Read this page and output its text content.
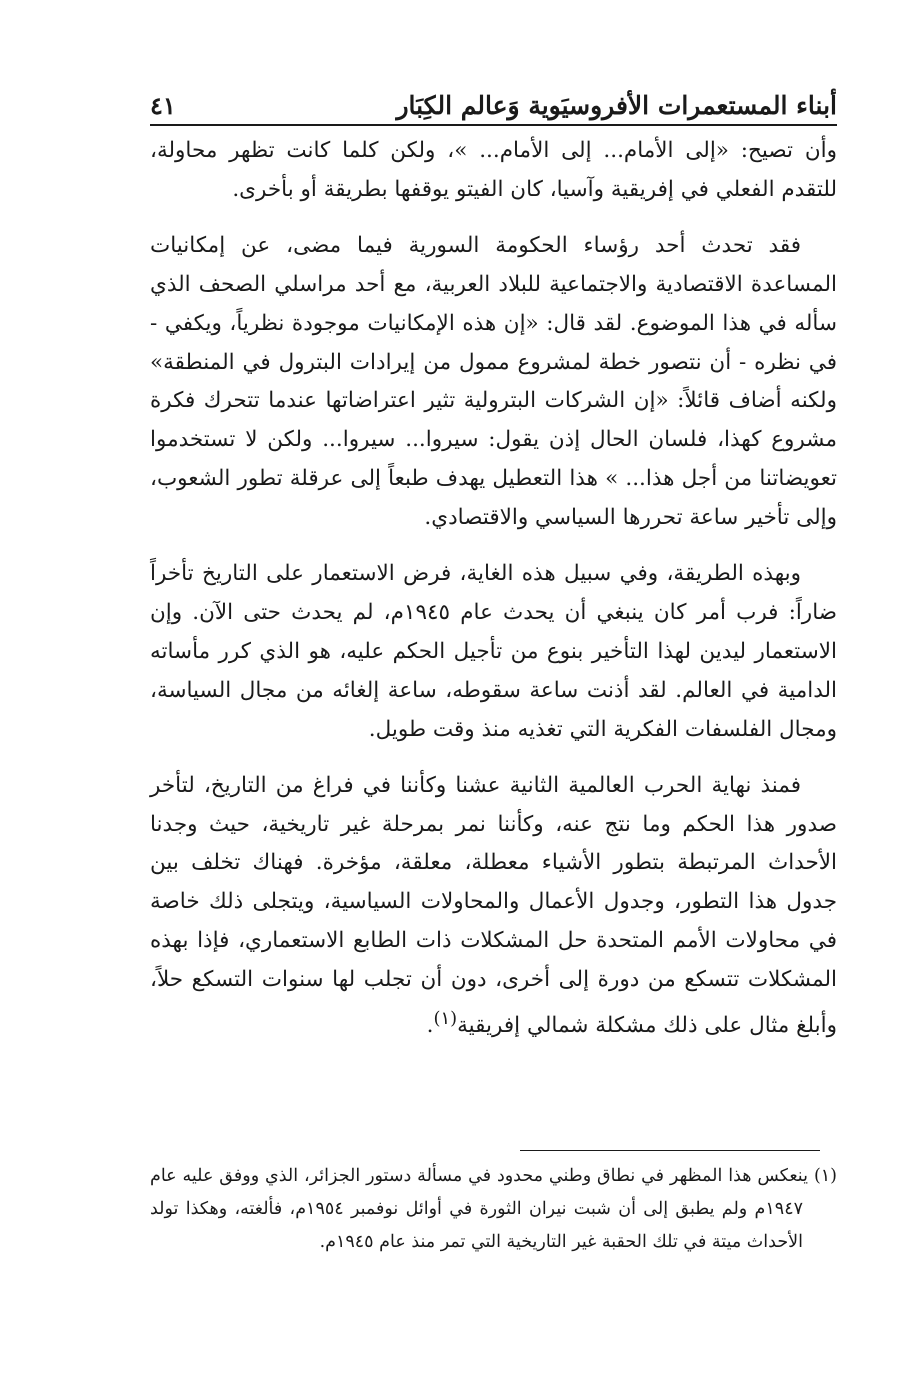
أبناء المستعمرات الأفروسيَوية وَعالم الكِبَار
٤١

وأن تصيح: «إلى الأمام... إلى الأمام... »، ولكن كلما كانت تظهر محاولة، للتقدم الفعلي في إفريقية وآسيا، كان الفيتو يوقفها بطريقة أو بأخرى.

فقد تحدث أحد رؤساء الحكومة السورية فيما مضى، عن إمكانيات المساعدة الاقتصادية والاجتماعية للبلاد العربية، مع أحد مراسلي الصحف الذي سأله في هذا الموضوع. لقد قال: «إن هذه الإمكانيات موجودة نظرياً، ويكفي - في نظره - أن نتصور خطة لمشروع ممول من إيرادات البترول في المنطقة» ولكنه أضاف قائلاً: «إن الشركات البترولية تثير اعتراضاتها عندما تتحرك فكرة مشروع كهذا، فلسان الحال إذن يقول: سيروا... سيروا... ولكن لا تستخدموا تعويضاتنا من أجل هذا... » هذا التعطيل يهدف طبعاً إلى عرقلة تطور الشعوب، وإلى تأخير ساعة تحررها السياسي والاقتصادي.

وبهذه الطريقة، وفي سبيل هذه الغاية، فرض الاستعمار على التاريخ تأخراً ضاراً: فرب أمر كان ينبغي أن يحدث عام ١٩٤٥م، لم يحدث حتى الآن. وإن الاستعمار ليدين لهذا التأخير بنوع من تأجيل الحكم عليه، هو الذي كرر مأساته الدامية في العالم. لقد أذنت ساعة سقوطه، ساعة إلغائه من مجال السياسة، ومجال الفلسفات الفكرية التي تغذيه منذ وقت طويل.

فمنذ نهاية الحرب العالمية الثانية عشنا وكأننا في فراغ من التاريخ، لتأخر صدور هذا الحكم وما نتج عنه، وكأننا نمر بمرحلة غير تاريخية، حيث وجدنا الأحداث المرتبطة بتطور الأشياء معطلة، معلقة، مؤخرة. فهناك تخلف بين جدول هذا التطور، وجدول الأعمال والمحاولات السياسية، ويتجلى ذلك خاصة في محاولات الأمم المتحدة حل المشكلات ذات الطابع الاستعماري، فإذا بهذه المشكلات تتسكع من دورة إلى أخرى، دون أن تجلب لها سنوات التسكع حلاً، وأبلغ مثال على ذلك مشكلة شمالي إفريقية$^{(١)}$.

(١)ينعكس هذا المظهر في نطاق وطني محدود في مسألة دستور الجزائر، الذي ووفق عليه عام ١٩٤٧م ولم يطبق إلى أن شبت نيران الثورة في أوائل نوفمبر ١٩٥٤م، فألغته، وهكذا تولد الأحداث ميتة في تلك الحقبة غير التاريخية التي تمر منذ عام ١٩٤٥م.
